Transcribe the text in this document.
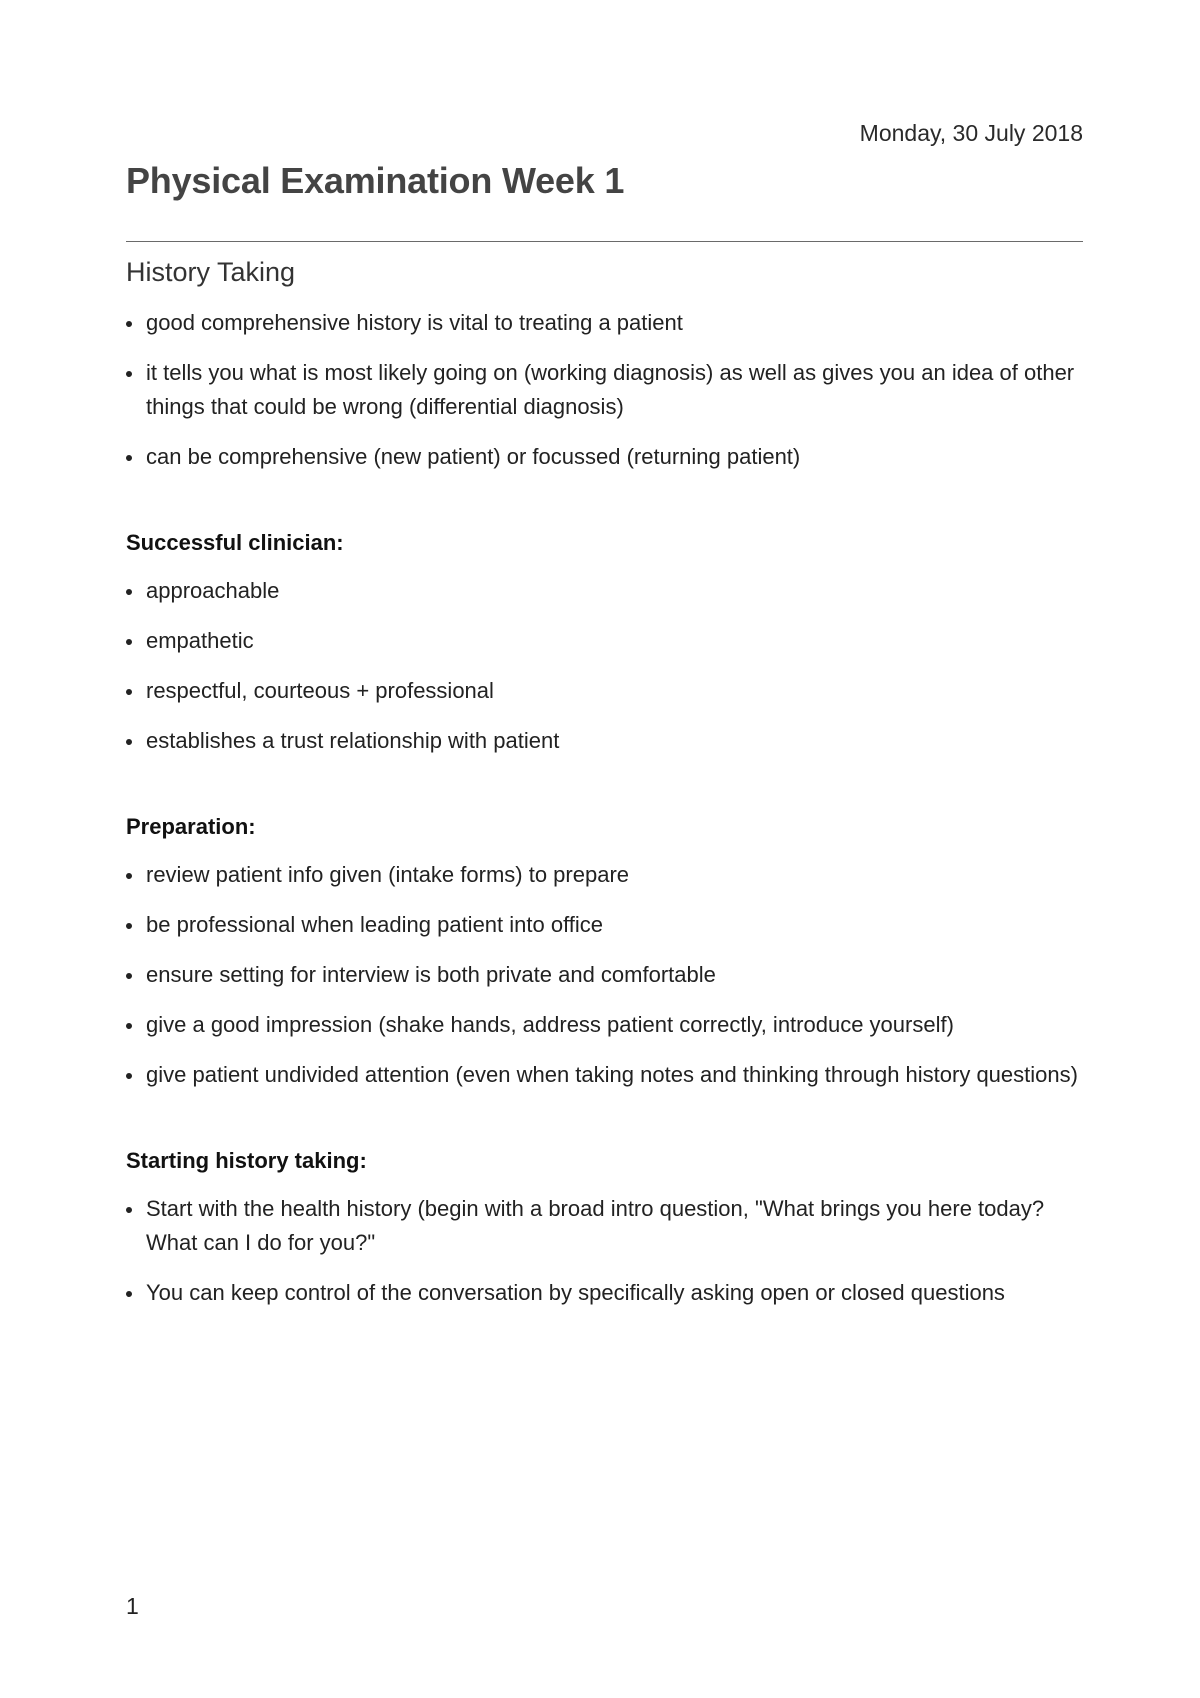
Monday, 30 July 2018
Physical Examination Week 1
History Taking
good comprehensive history is vital to treating a patient
it tells you what is most likely going on (working diagnosis) as well as gives you an idea of other things that could be wrong (differential diagnosis)
can be comprehensive (new patient) or focussed (returning patient)
Successful clinician:
approachable
empathetic
respectful, courteous + professional
establishes a trust relationship with patient
Preparation:
review patient info given (intake forms) to prepare
be professional when leading patient into office
ensure setting for interview is both private and comfortable
give a good impression (shake hands, address patient correctly, introduce yourself)
give patient undivided attention (even when taking notes and thinking through history questions)
Starting history taking:
Start with the health history (begin with a broad intro question, "What brings you here today? What can I do for you?"
You can keep control of the conversation by specifically asking open or closed questions
1
